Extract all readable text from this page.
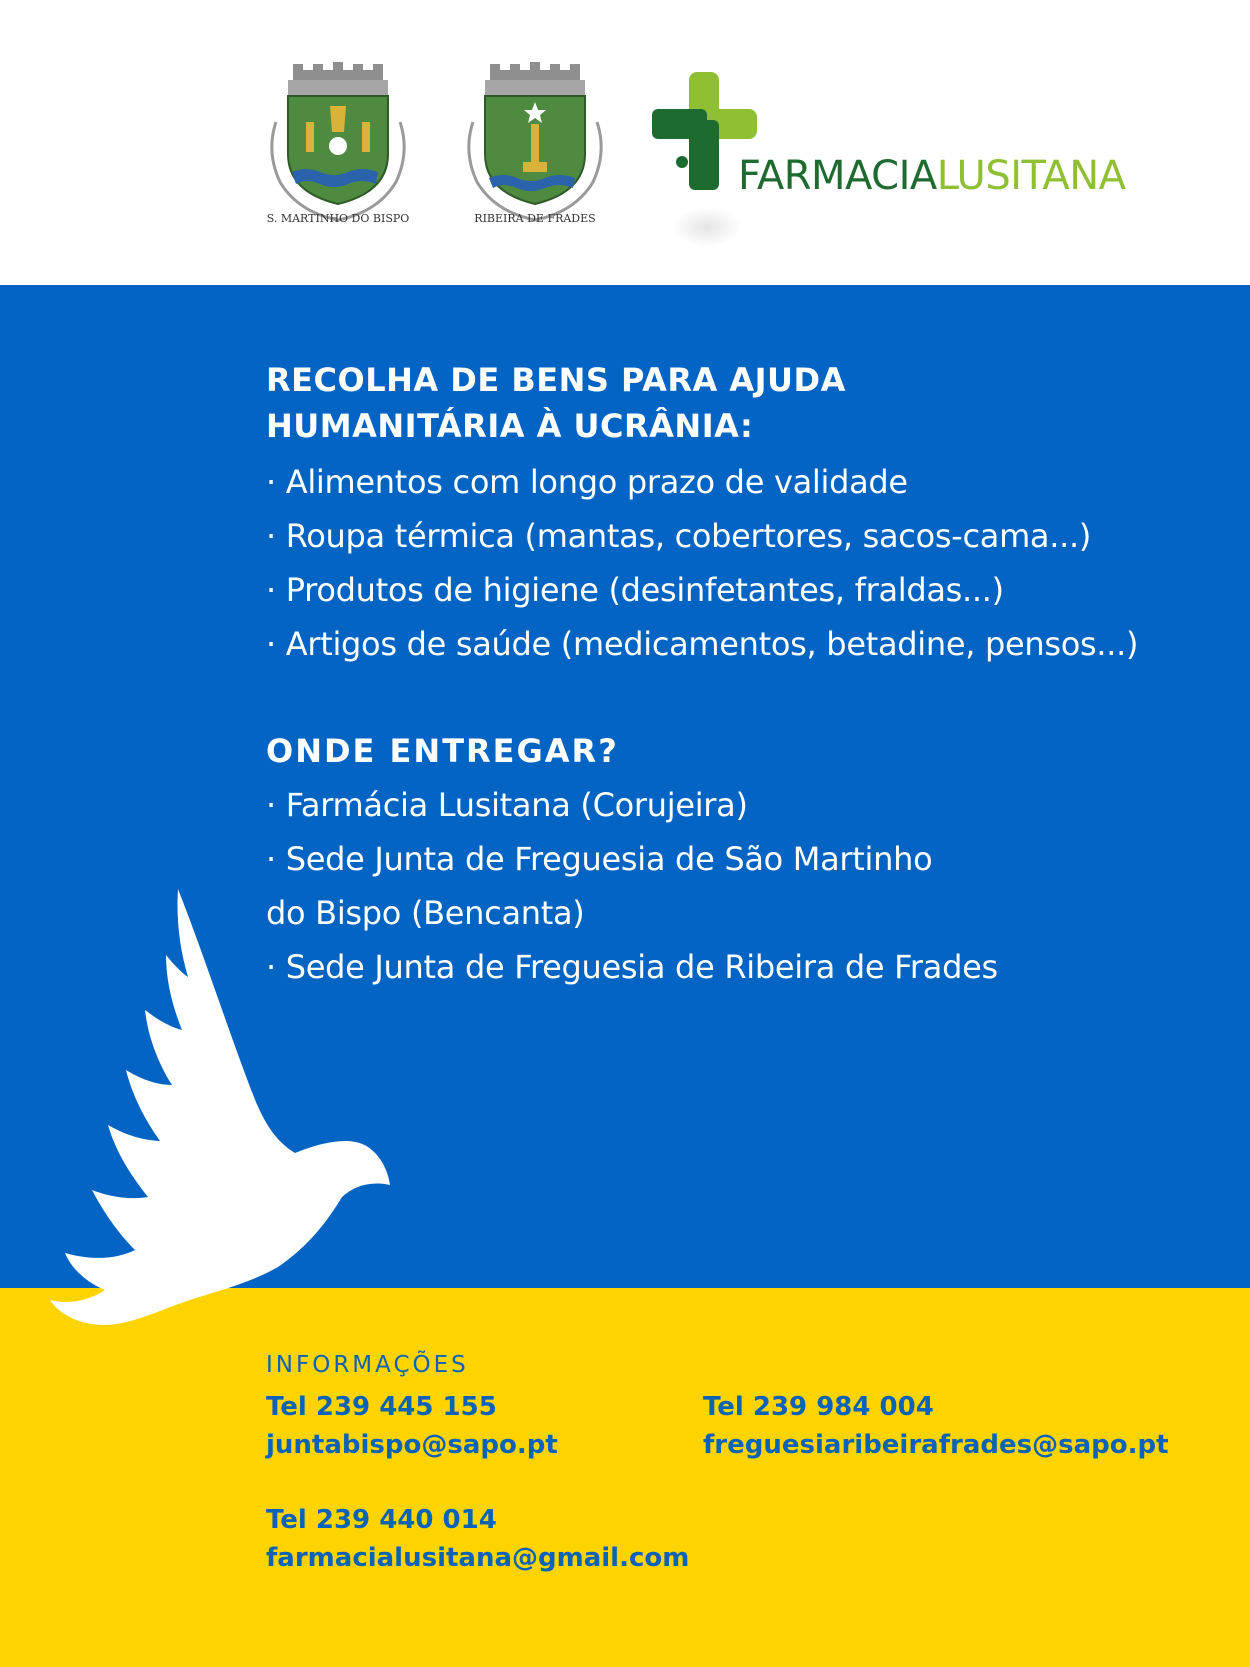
S. MARTINHO DO BISPO	RIBEIRA DE FRADES
FARMACIALUSITANA
RECOLHA DE BENS PARA AJUDA
HUMANITÁRIA À UCRÂNIA:
· Alimentos com longo prazo de validade
· Roupa térmica (mantas, cobertores, sacos-cama...)
· Produtos de higiene (desinfetantes, fraldas...)
· Artigos de saúde (medicamentos, betadine, pensos...)
ONDE ENTREGAR?
· Farmácia Lusitana (Corujeira)
· Sede Junta de Freguesia de São Martinho
do Bispo (Bencanta)
· Sede Junta de Freguesia de Ribeira de Frades
INFORMAÇÕES
Tel 239 445 155
juntabispo@sapo.pt
Tel 239 984 004
freguesiaribeirafrades@sapo.pt
Tel 239 440 014
farmacialusitana@gmail.com
